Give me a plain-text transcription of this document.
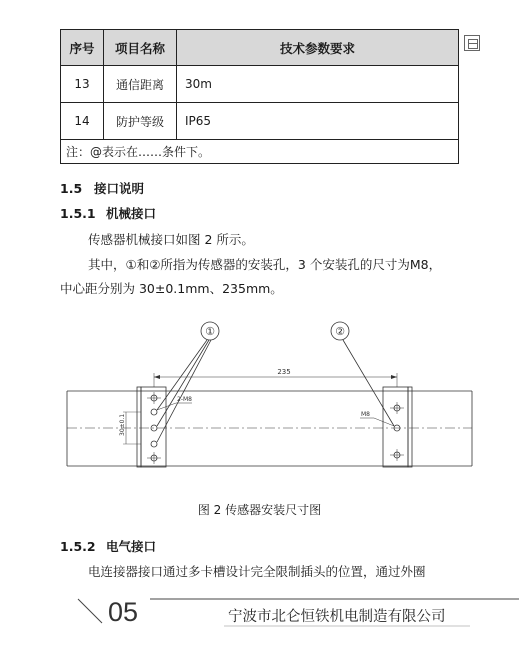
序号	项目名称	技术参数要求
13	通信距离	30m
14	防护等级	IP65
注：@表示在……条件下。		
1.5 接口说明
1.5.1 机械接口
传感器机械接口如图 2 所示。
其中，①和②所指为传感器的安装孔，3 个安装孔的尺寸为M8，
中心距分别为 30±0.1mm、235mm。
①	②
235
2-M8
M8
30±0.1
图 2 传感器安装尺寸图
1.5.2 电气接口
电连接器接口通过多卡槽设计完全限制插头的位置，通过外圈
05	宁波市北仑恒铁机电制造有限公司
